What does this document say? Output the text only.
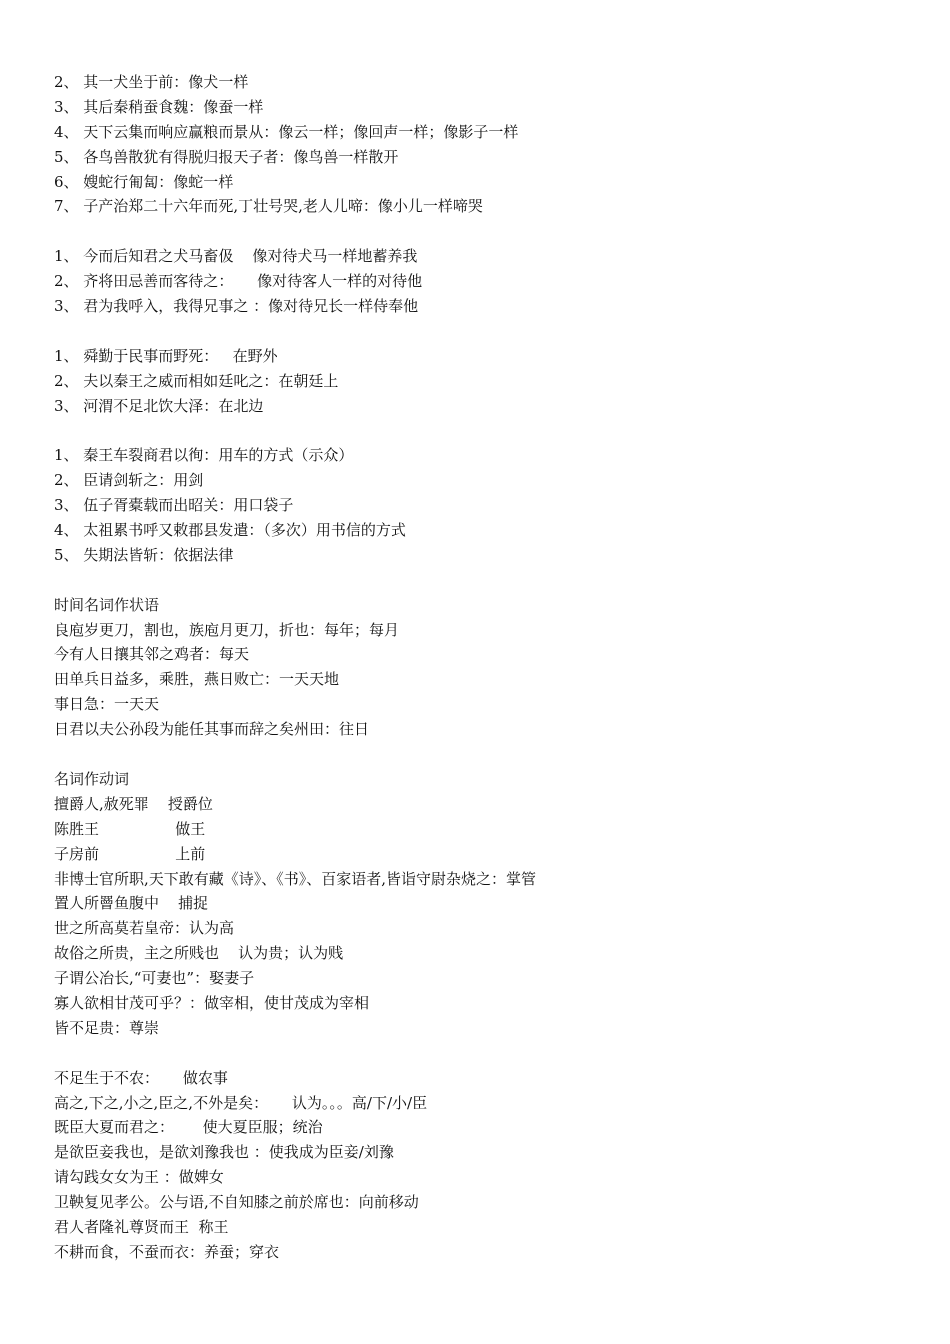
2、 其一犬坐于前：像犬一样
3、 其后秦稍蚕食魏：像蚕一样
4、 天下云集而响应赢粮而景从：像云一样；像回声一样；像影子一样
5、 各鸟兽散犹有得脱归报天子者：像鸟兽一样散开
6、 嫂蛇行匍匐：像蛇一样
7、 子产治郑二十六年而死,丁壮号哭,老人儿啼：像小儿一样啼哭
1、 今而后知君之犬马畜伋    像对待犬马一样地蓄养我
2、 齐将田忌善而客待之：     像对待客人一样的对待他
3、 君为我呼入，我得兄事之 ：像对待兄长一样侍奉他
1、 舜勤于民事而野死：   在野外
2、 夫以秦王之威而相如廷叱之：在朝廷上
3、 河渭不足北饮大泽：在北边
1、 秦王车裂商君以徇：用车的方式（示众）
2、 臣请剑斩之：用剑
3、 伍子胥橐载而出昭关：用口袋子
4、 太祖累书呼又敕郡县发遣：（多次）用书信的方式
5、 失期法皆斩：依据法律
时间名词作状语
良庖岁更刀，割也，族庖月更刀，折也：每年；每月
今有人日攘其邻之鸡者：每天
田单兵日益多，乘胜，燕日败亡：一天天地
事日急：一天天
日君以夫公孙段为能任其事而辞之矣州田：往日
名词作动词
擅爵人,赦死罪    授爵位
陈胜王                做王
子房前                上前
非博士官所职,天下敢有藏《诗》、《书》、百家语者,皆诣守尉杂烧之：掌管
置人所罾鱼腹中    捕捉
世之所高莫若皇帝：认为高
故俗之所贵，主之所贱也    认为贵；认为贱
子谓公冶长,“可妻也”：娶妻子
寡人欲相甘茂可乎？：做宰相，使甘茂成为宰相
皆不足贵：尊崇
不足生于不农：     做农事
高之,下之,小之,臣之,不外是矣：     认为。。。高/下/小/臣
既臣大夏而君之：      使大夏臣服；统治
是欲臣妾我也，是欲刘豫我也 ：使我成为臣妾/刘豫
请勾践女女为王 ：做婢女
卫鞅复见孝公。公与语,不自知膝之前於席也：向前移动
君人者隆礼尊贤而王  称王
不耕而食，不蚕而衣：养蚕；穿衣
